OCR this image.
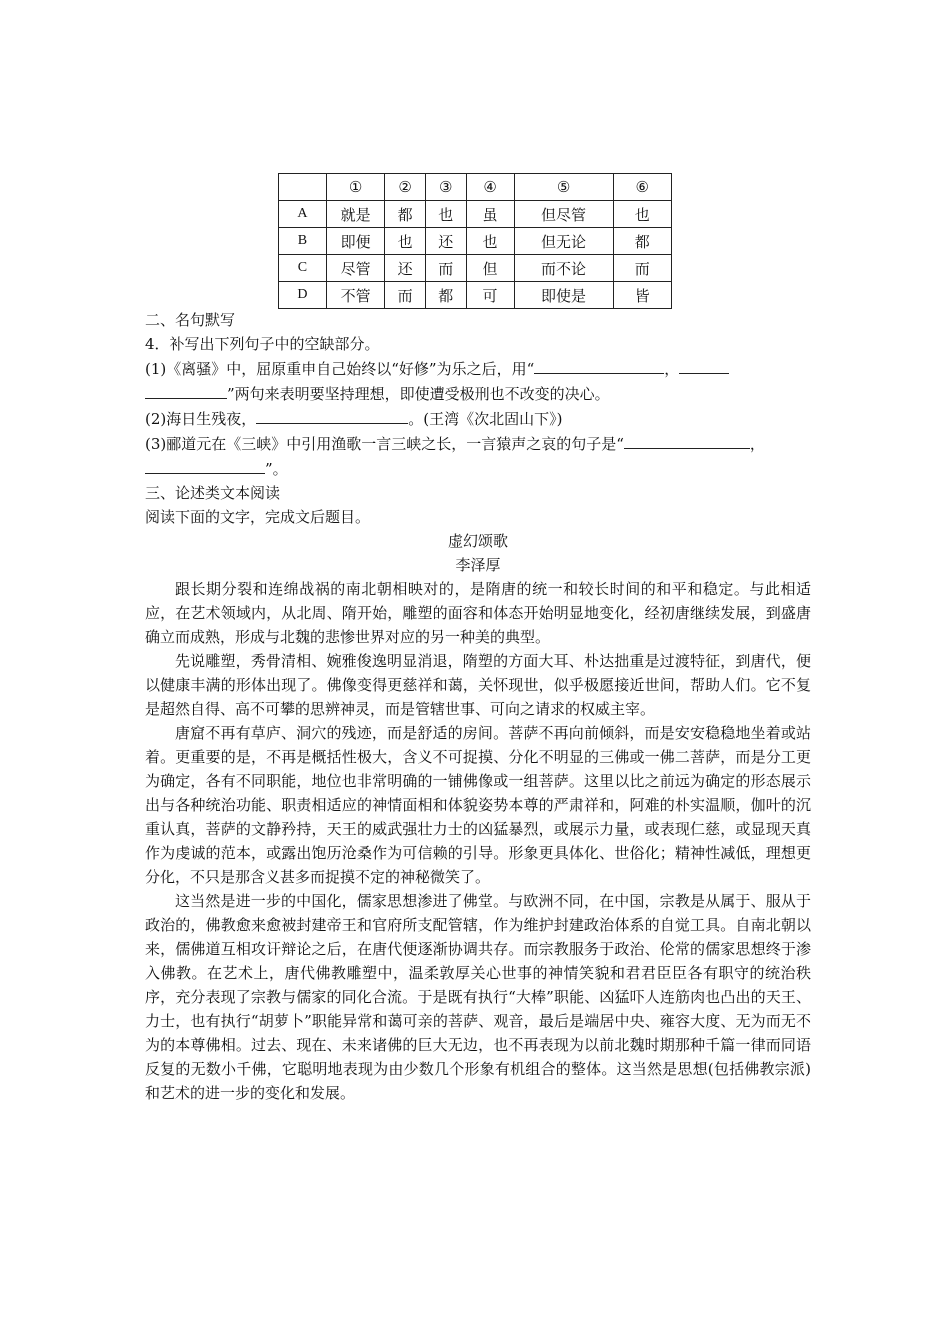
	①	②	③	④	⑤	⑥
A	就是	都	也	虽	但尽管	也
B	即便	也	还	也	但无论	都
C	尽管	还	而	但	而不论	而
D	不管	而	都	可	即使是	皆

二、名句默写

4．补写出下列句子中的空缺部分。

(1)《离骚》中，屈原重申自己始终以“好修”为乐之后，用“	，
”两句来表明要坚持理想，即使遭受极刑也不改变的决心。

(2)海日生残夜，	。(王湾《次北固山下》)

(3)郦道元在《三峡》中引用渔歌一言三峡之长，一言猿声之哀的句子是“	，
”。

三、论述类文本阅读

阅读下面的文字，完成文后题目。

虚幻颂歌

李泽厚

跟长期分裂和连绵战祸的南北朝相映对的，是隋唐的统一和较长时间的和平和稳定。与此相适应，在艺术领域内，从北周、隋开始，雕塑的面容和体态开始明显地变化，经初唐继续发展，到盛唐确立而成熟，形成与北魏的悲惨世界对应的另一种美的典型。

先说雕塑，秀骨清相、婉雅俊逸明显消退，隋塑的方面大耳、朴达拙重是过渡特征，到唐代，便以健康丰满的形体出现了。佛像变得更慈祥和蔼，关怀现世，似乎极愿接近世间，帮助人们。它不复是超然自得、高不可攀的思辨神灵，而是管辖世事、可向之请求的权威主宰。

唐窟不再有草庐、洞穴的残迹，而是舒适的房间。菩萨不再向前倾斜，而是安安稳稳地坐着或站着。更重要的是，不再是概括性极大，含义不可捉摸、分化不明显的三佛或一佛二菩萨，而是分工更为确定，各有不同职能，地位也非常明确的一铺佛像或一组菩萨。这里以比之前远为确定的形态展示出与各种统治功能、职责相适应的神情面相和体貌姿势本尊的严肃祥和，阿难的朴实温顺，伽叶的沉重认真，菩萨的文静矜持，天王的威武强壮力士的凶猛暴烈，或展示力量，或表现仁慈，或显现天真作为虔诚的范本，或露出饱历沧桑作为可信赖的引导。形象更具体化、世俗化；精神性减低，理想更分化，不只是那含义甚多而捉摸不定的神秘微笑了。

这当然是进一步的中国化，儒家思想渗进了佛堂。与欧洲不同，在中国，宗教是从属于、服从于政治的，佛教愈来愈被封建帝王和官府所支配管辖，作为维护封建政治体系的自觉工具。自南北朝以来，儒佛道互相攻讦辩论之后，在唐代便逐渐协调共存。而宗教服务于政治、伦常的儒家思想终于渗入佛教。在艺术上，唐代佛教雕塑中，温柔敦厚关心世事的神情笑貌和君君臣臣各有职守的统治秩序，充分表现了宗教与儒家的同化合流。于是既有执行“大棒”职能、凶猛吓人连筋肉也凸出的天王、力士，也有执行“胡萝卜”职能异常和蔼可亲的菩萨、观音，最后是端居中央、雍容大度、无为而无不为的本尊佛相。过去、现在、未来诸佛的巨大无边，也不再表现为以前北魏时期那种千篇一律而同语反复的无数小千佛，它聪明地表现为由少数几个形象有机组合的整体。这当然是思想(包括佛教宗派)和艺术的进一步的变化和发展。
